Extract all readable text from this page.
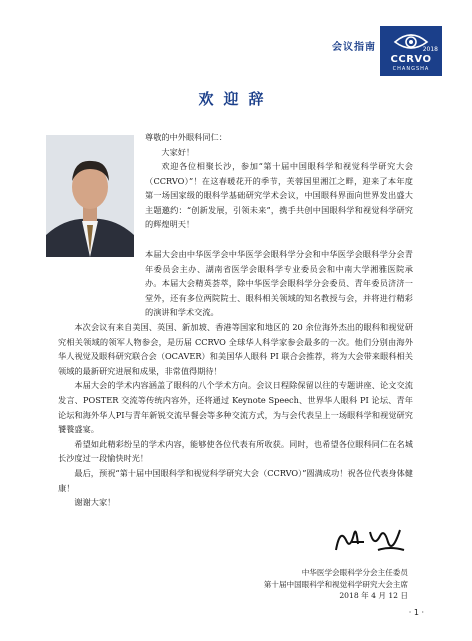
会议指南	2018
CCRVO
CHANGSHA
欢迎辞

尊敬的中外眼科同仁：

大家好！

欢迎各位相聚长沙，参加“第十届中国眼科学和视觉科学研究大会（CCRVO）”！在这春暖花开的季节，芙蓉国里湘江之畔，迎来了本年度第一场国家级的眼科学基础研究学术会议，中国眼科界面向世界发出盛大主题邀约：“创新发展，引领未来”，携手共创中国眼科学和视觉科学研究的辉煌明天！

本届大会由中华医学会中华医学会眼科学分会和中华医学会眼科学分会青年委员会主办、湖南省医学会眼科学专业委员会和中南大学湘雅医院承办。本届大会精英荟萃，除中华医学会眼科学分会委员、青年委员济济一堂外，还有多位两院院士、眼科相关领域的知名教授与会，并将进行精彩的演讲和学术交流。

本次会议有来自美国、英国、新加坡、香港等国家和地区的 20 余位海外杰出的眼科和视觉研究相关领域的领军人物参会，是历届 CCRVO 全球华人科学家参会最多的一次。他们分别由海外华人视觉及眼科研究联合会（OCAVER）和美国华人眼科 PI 联合会推荐，将为大会带来眼科相关领域的最新研究进展和成果，非常值得期待！

本届大会的学术内容涵盖了眼科的八个学术方向。会议日程除保留以往的专题讲座、论文交流发言、POSTER 交流等传统内容外，还将通过 Keynote Speech、世界华人眼科 PI 论坛、青年论坛和海外华人PI与青年新锐交流早餐会等多种交流方式，为与会代表呈上一场眼科学和视觉研究饕餮盛宴。

希望如此精彩纷呈的学术内容，能够使各位代表有所收获。同时，也希望各位眼科同仁在名城长沙度过一段愉快时光！

最后，预祝“第十届中国眼科学和视觉科学研究大会（CCRVO）”圆满成功！祝各位代表身体健康！

谢谢大家！

中华医学会眼科学分会主任委员
第十届中国眼科学和视觉科学研究大会主席
2018 年 4 月 12 日
· 1 ·
